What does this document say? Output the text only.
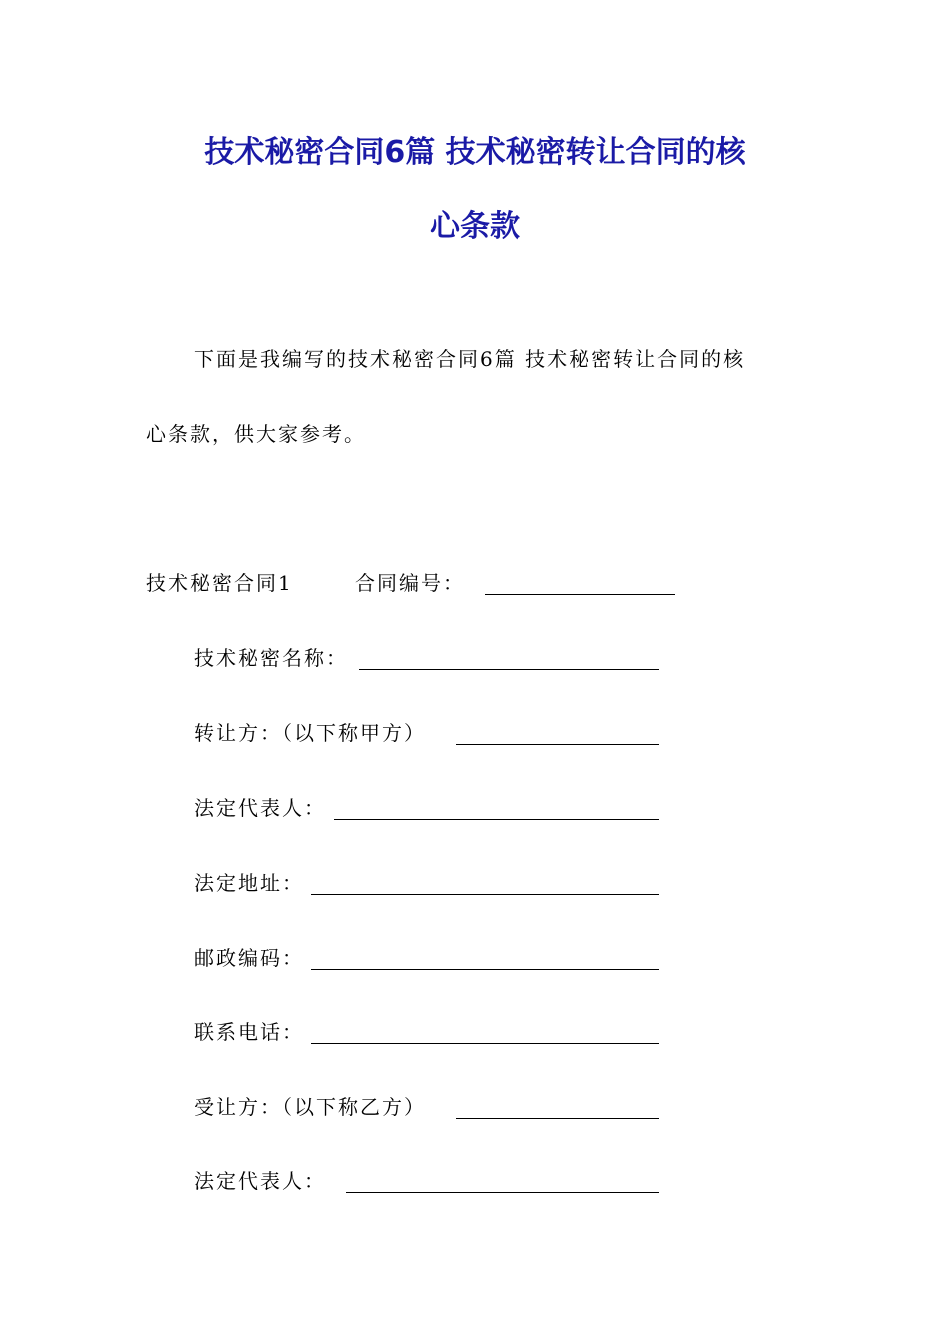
技术秘密合同6篇 技术秘密转让合同的核
心条款
下面是我编写的技术秘密合同6篇 技术秘密转让合同的核
心条款，供大家参考。
技术秘密合同1	合同编号：
技术秘密名称：
转让方：（以下称甲方）
法定代表人：
法定地址：
邮政编码：
联系电话：
受让方：（以下称乙方）
法定代表人：
